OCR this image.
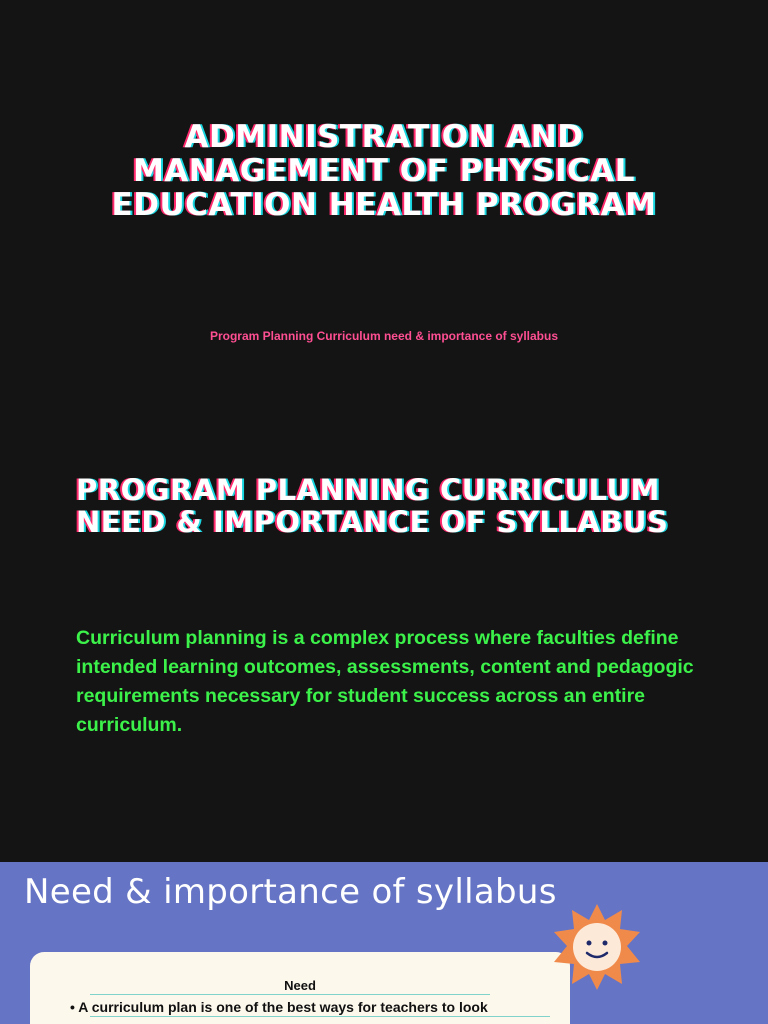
ADMINISTRATION AND MANAGEMENT OF PHYSICAL EDUCATION HEALTH PROGRAM
Program Planning Curriculum need & importance of syllabus
PROGRAM PLANNING CURRICULUM NEED & IMPORTANCE OF SYLLABUS
Curriculum planning is a complex process where faculties define intended learning outcomes, assessments, content and pedagogic requirements necessary for student success across an entire curriculum.
Need & importance of syllabus
Need
• A curriculum plan is one of the best ways for teachers to look
